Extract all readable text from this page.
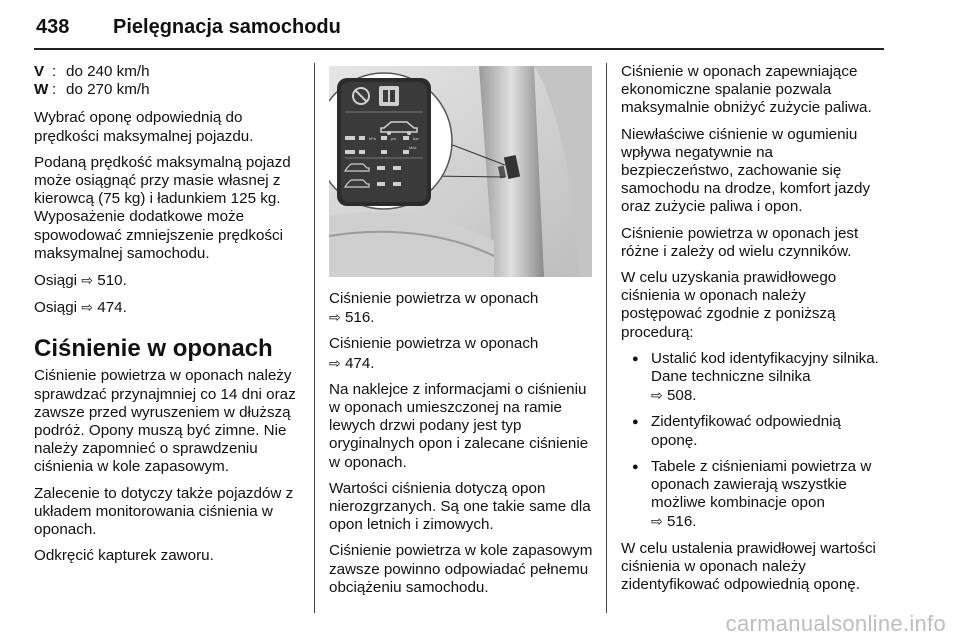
438 Pielęgnacja samochodu
V : do 240 km/h
W : do 270 km/h

Wybrać oponę odpowiednią do prędkości maksymalnej pojazdu.

Podaną prędkość maksymalną pojazd może osiągnąć przy masie własnej z kierowcą (75 kg) i ładunkiem 125 kg. Wyposażenie dodatkowe może spowodować zmniejszenie prędkości maksymalnej samochodu.

Osiągi ⇨ 510.

Osiągi ⇨ 474.

Ciśnienie w oponach

Ciśnienie powietrza w oponach należy sprawdzać przynajmniej co 14 dni oraz zawsze przed wyruszeniem w dłuższą podróż. Opony muszą być zimne. Nie należy zapomnieć o sprawdzeniu ciśnienia w kole zapasowym.

Zalecenie to dotyczy także pojazdów z układem monitorowania ciśnienia w oponach.

Odkręcić kapturek zaworu.

kPa	psi	bar
Max

Ciśnienie powietrza w oponach
⇨ 516.

Ciśnienie powietrza w oponach
⇨ 474.

Na naklejce z informacjami o ciśnieniu w oponach umieszczonej na ramie lewych drzwi podany jest typ oryginalnych opon i zalecane ciśnienie w oponach.

Wartości ciśnienia dotyczą opon nierozgrzanych. Są one takie same dla opon letnich i zimowych.

Ciśnienie powietrza w kole zapasowym zawsze powinno odpowiadać pełnemu obciążeniu samochodu.

Ciśnienie w oponach zapewniające ekonomiczne spalanie pozwala maksymalnie obniżyć zużycie paliwa.

Niewłaściwe ciśnienie w ogumieniu wpływa negatywnie na bezpieczeństwo, zachowanie się samochodu na drodze, komfort jazdy oraz zużycie paliwa i opon.

Ciśnienie powietrza w oponach jest różne i zależy od wielu czynników.

W celu uzyskania prawidłowego ciśnienia w oponach należy postępować zgodnie z poniższą procedurą:

● Ustalić kod identyfikacyjny silnika. Dane techniczne silnika
⇨ 508.
● Zidentyfikować odpowiednią oponę.
● Tabele z ciśnieniami powietrza w oponach zawierają wszystkie możliwe kombinacje opon
⇨ 516.

W celu ustalenia prawidłowej wartości ciśnienia w oponach należy zidentyfikować odpowiednią oponę.

carmanualsonline.info
